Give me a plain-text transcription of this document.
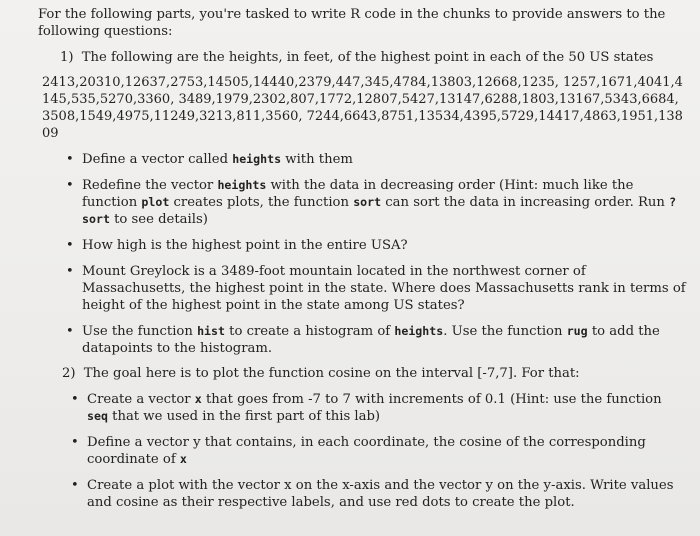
For the following parts, you're tasked to write R code in the chunks to provide answers to the following questions:

1) The following are the heights, in feet, of the highest point in each of the 50 US states
2413,20310,12637,2753,14505,14440,2379,447,345,4784,13803,12668,1235, 1257,1671,4041,4145,535,5270,3360, 3489,1979,2302,807,1772,12807,5427,13147,6288,1803,13167,5343,6684,3508,1549,4975,11249,3213,811,3560, 7244,6643,8751,13534,4395,5729,14417,4863,1951,13809
• Define a vector called heights with them
• Redefine the vector heights with the data in decreasing order (Hint: much like the function plot creates plots, the function sort can sort the data in increasing order. Run ?sort to see details)
• How high is the highest point in the entire USA?
• Mount Greylock is a 3489-foot mountain located in the northwest corner of Massachusetts, the highest point in the state. Where does Massachusetts rank in terms of height of the highest point in the state among US states?
• Use the function hist to create a histogram of heights. Use the function rug to add the datapoints to the histogram.
2) The goal here is to plot the function cosine on the interval [-7,7]. For that:
• Create a vector x that goes from -7 to 7 with increments of 0.1 (Hint: use the function seq that we used in the first part of this lab)
• Define a vector y that contains, in each coordinate, the cosine of the corresponding coordinate of x
• Create a plot with the vector x on the x-axis and the vector y on the y-axis. Write values and cosine as their respective labels, and use red dots to create the plot.
